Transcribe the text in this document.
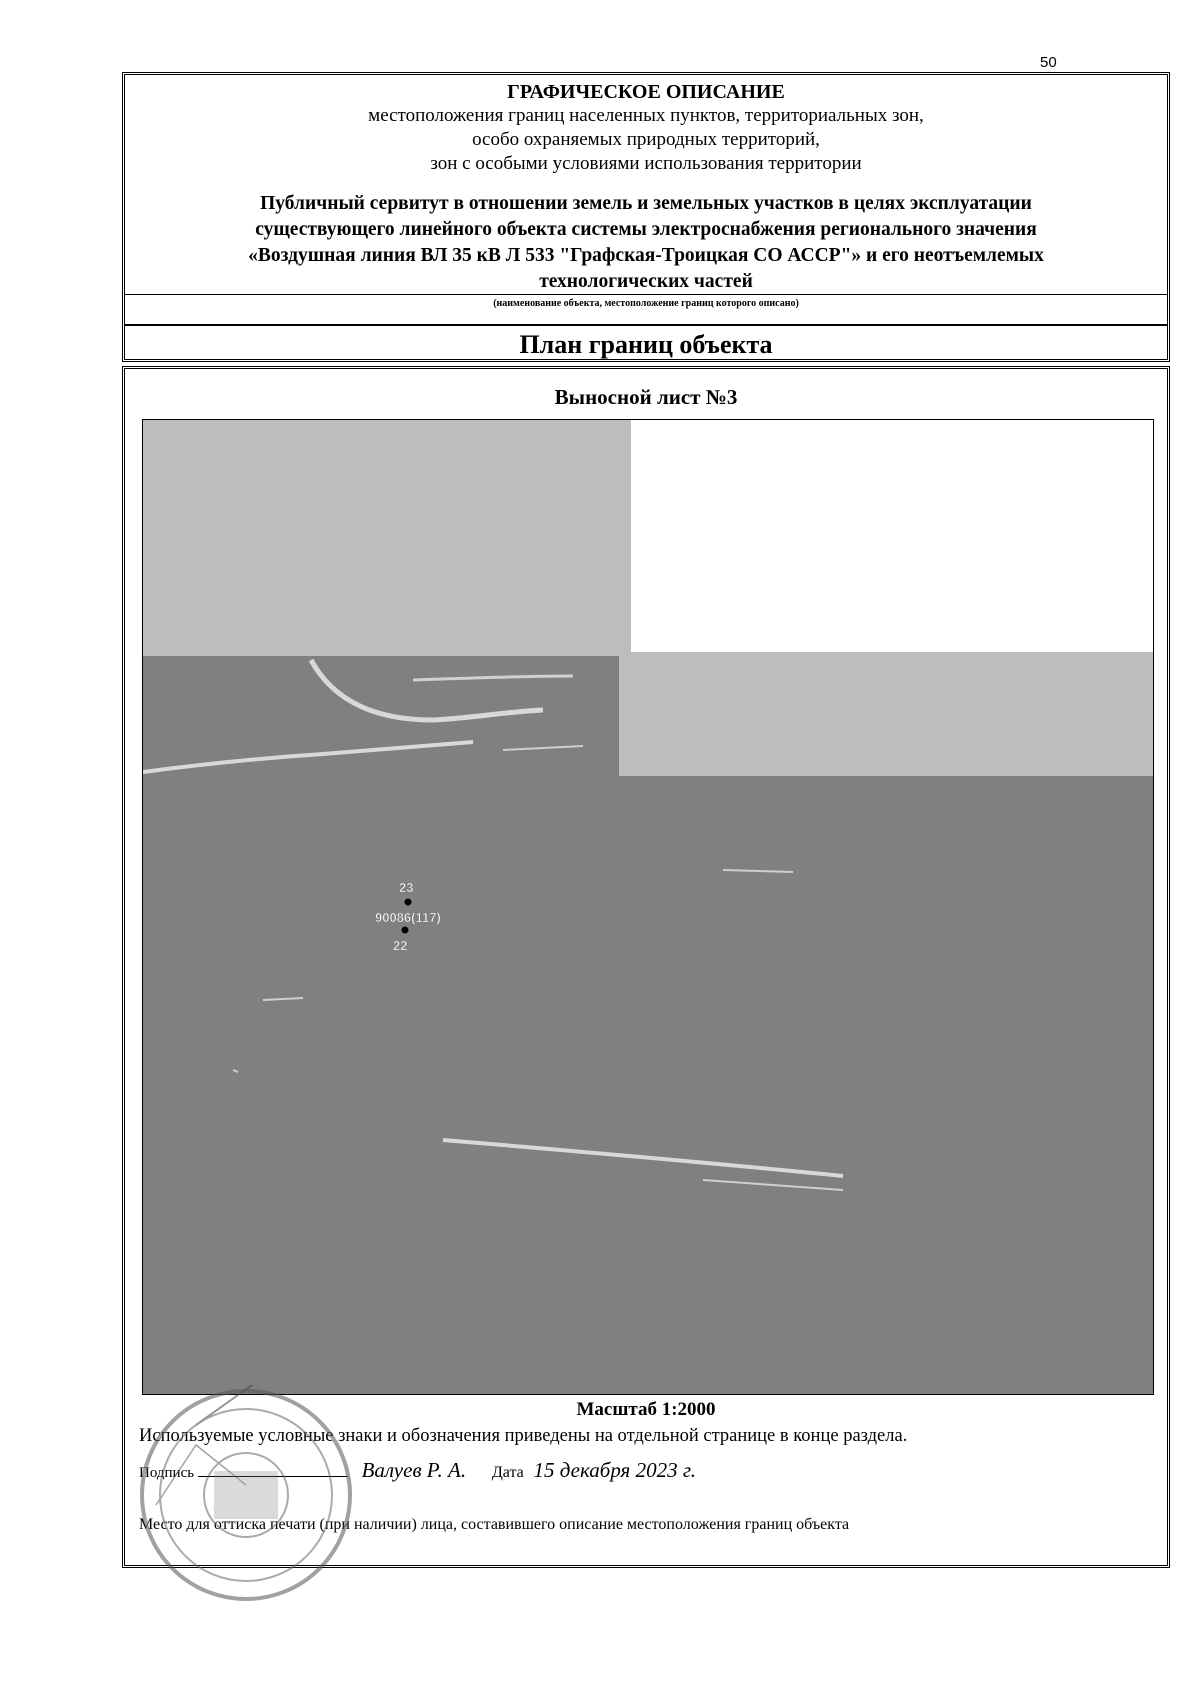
50
ГРАФИЧЕСКОЕ ОПИСАНИЕ
местоположения границ населенных пунктов, территориальных зон,
особо охраняемых природных территорий,
зон с особыми условиями использования территории
Публичный сервитут в отношении земель и земельных участков в целях эксплуатации
существующего линейного объекта системы электроснабжения регионального значения
«Воздушная линия ВЛ 35 кВ Л 533 "Графская-Троицкая СО АССР"» и его неотъемлемых
технологических частей
(наименование объекта, местоположение границ которого описано)
План границ объекта
Выносной лист №3
23
90086(117)
22
Масштаб 1:2000
Используемые условные знаки и обозначения приведены на отдельной странице в конце раздела.
Подпись	Валуев Р. А. Дата 15 декабря 2023 г.
Место для оттиска печати (при наличии) лица, составившего описание местоположения границ объекта
